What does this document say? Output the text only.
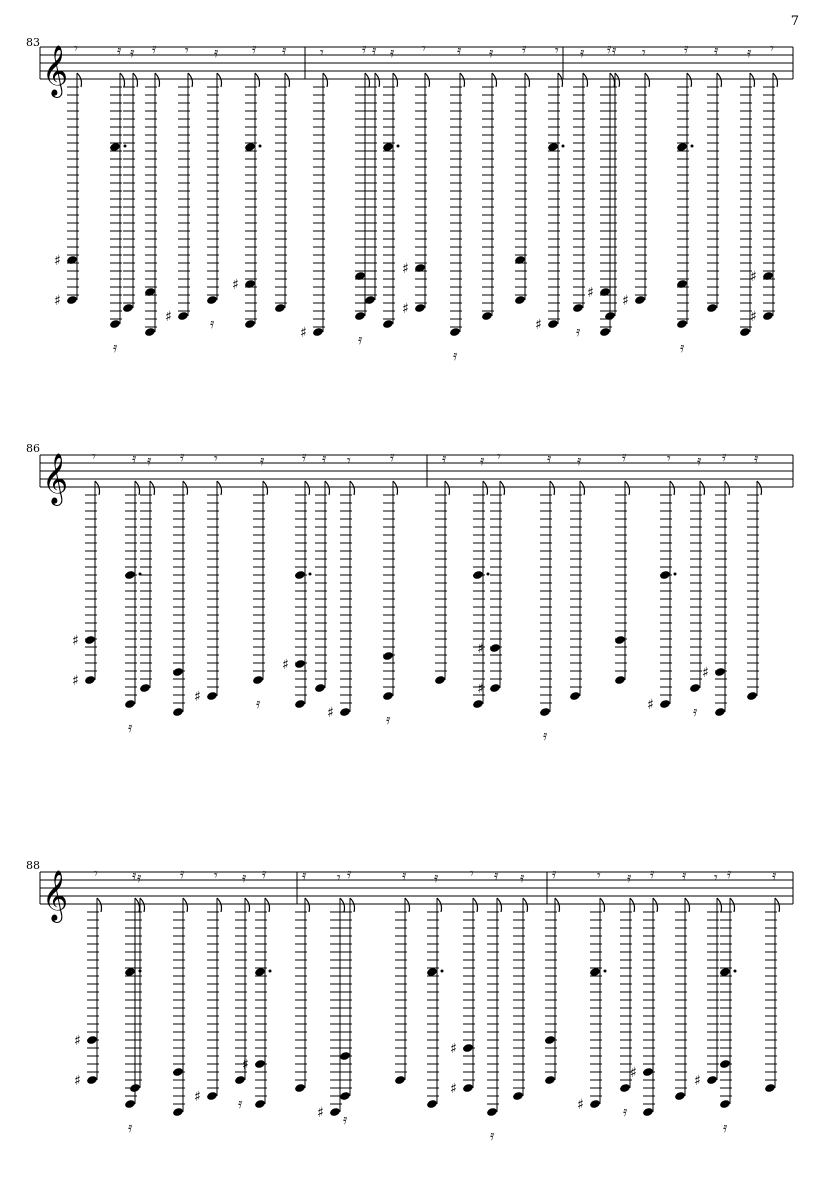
7
83
86
88
𝄞 𝄾
♯
♯
𝄿
𝄿
𝄿 𝄿 𝄾
♯
𝄿
𝄿
𝄿
♯
𝄿 𝄾
♯
𝄿
𝄿
𝄿 𝄿 𝄾
♯
♯
𝄿
𝄿
𝄿 𝄿 𝄾
♯
𝄿
𝄿
𝄿
♯
𝄿 𝄾
♯
𝄿
𝄿
𝄿 𝄿 𝄾
♯
♯
𝄞 𝄾
♯
♯
𝄿
𝄿
𝄿 𝄿 𝄾
♯
𝄿
𝄿
𝄿
♯
𝄿 𝄾
♯
𝄿
𝄿
𝄿 𝄿 𝄾
♯
♯
𝄿
𝄿
𝄿	𝄿	𝄾
♯
𝄿
𝄿
𝄿
♯
𝄿
𝄞 𝄾
♯
♯
𝄿
𝄿
𝄿	𝄿 𝄾
♯
𝄿
𝄿
𝄿
♯
𝄿 𝄾
♯
𝄿
𝄿
𝄿 𝄿 𝄾
♯
♯
𝄿
𝄿
𝄿 𝄿	𝄾
♯
𝄿
𝄿
𝄿
♯
𝄿 𝄾
♯
𝄿
𝄿
𝄿
